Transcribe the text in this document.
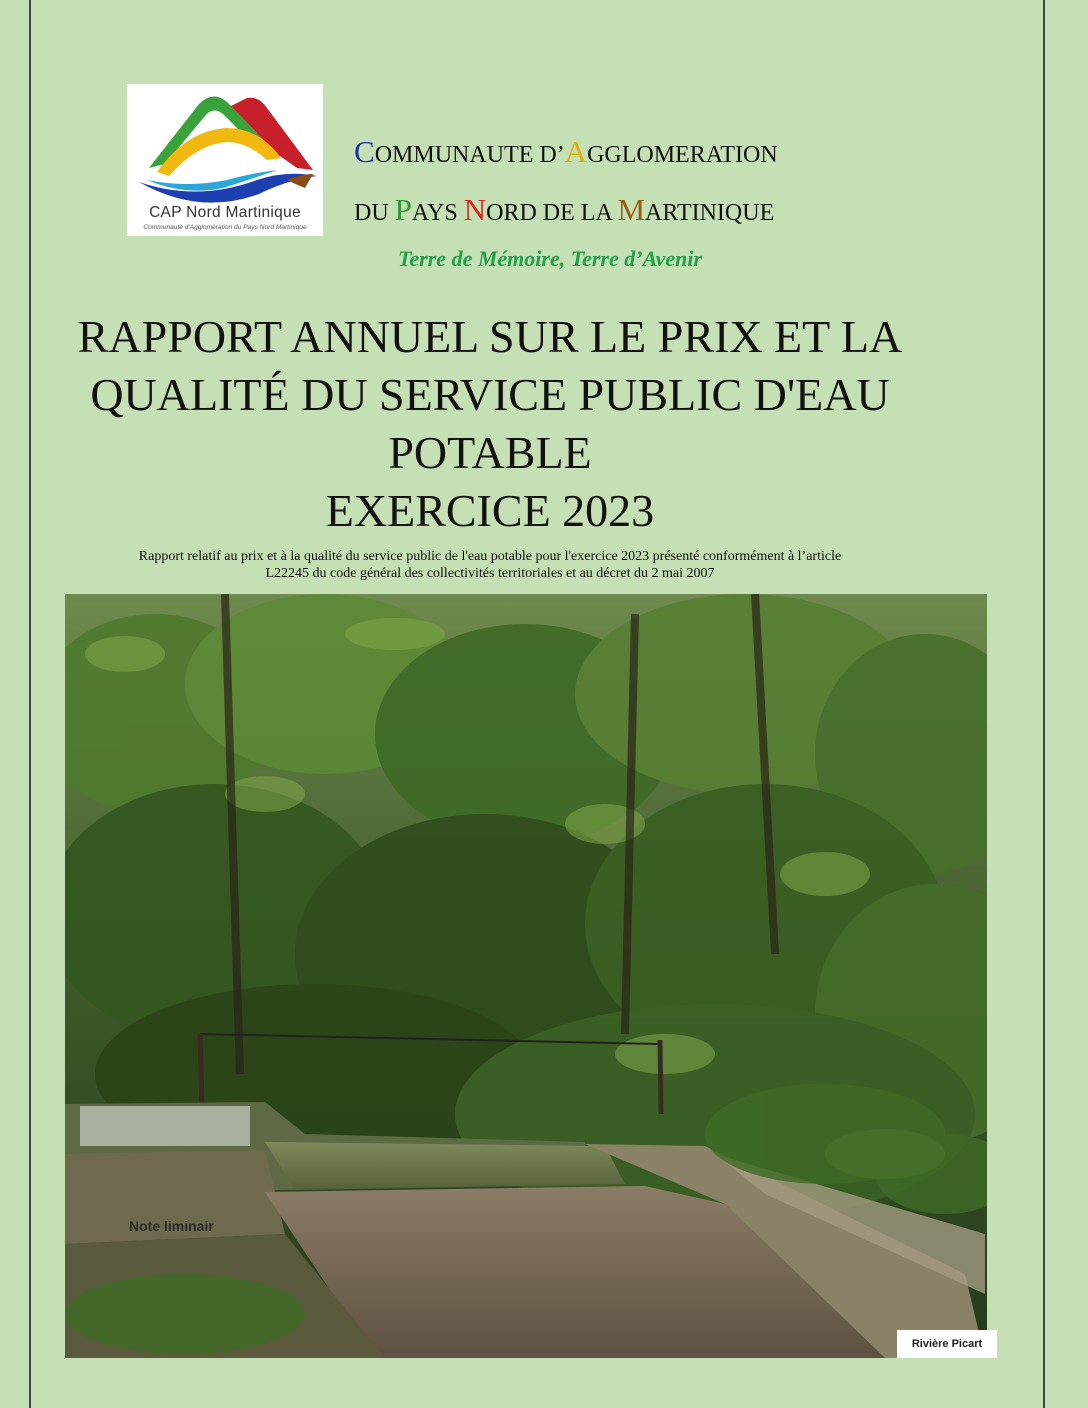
CAP Nord Martinique
Communauté d'Agglomération du Pays Nord Martinique
COMMUNAUTE D’AGGLOMERATION
DU PAYS NORD DE LA MARTINIQUE
Terre de Mémoire, Terre d’Avenir
RAPPORT ANNUEL SUR LE PRIX ET LA
QUALITÉ DU SERVICE PUBLIC D'EAU
POTABLE
EXERCICE 2023
Rapport relatif au prix et à la qualité du service public de l'eau potable pour l'exercice 2023 présenté conformément à l’article
L22245 du code général des collectivités territoriales et au décret du 2 mai 2007
Note liminair
Rivière Picart
